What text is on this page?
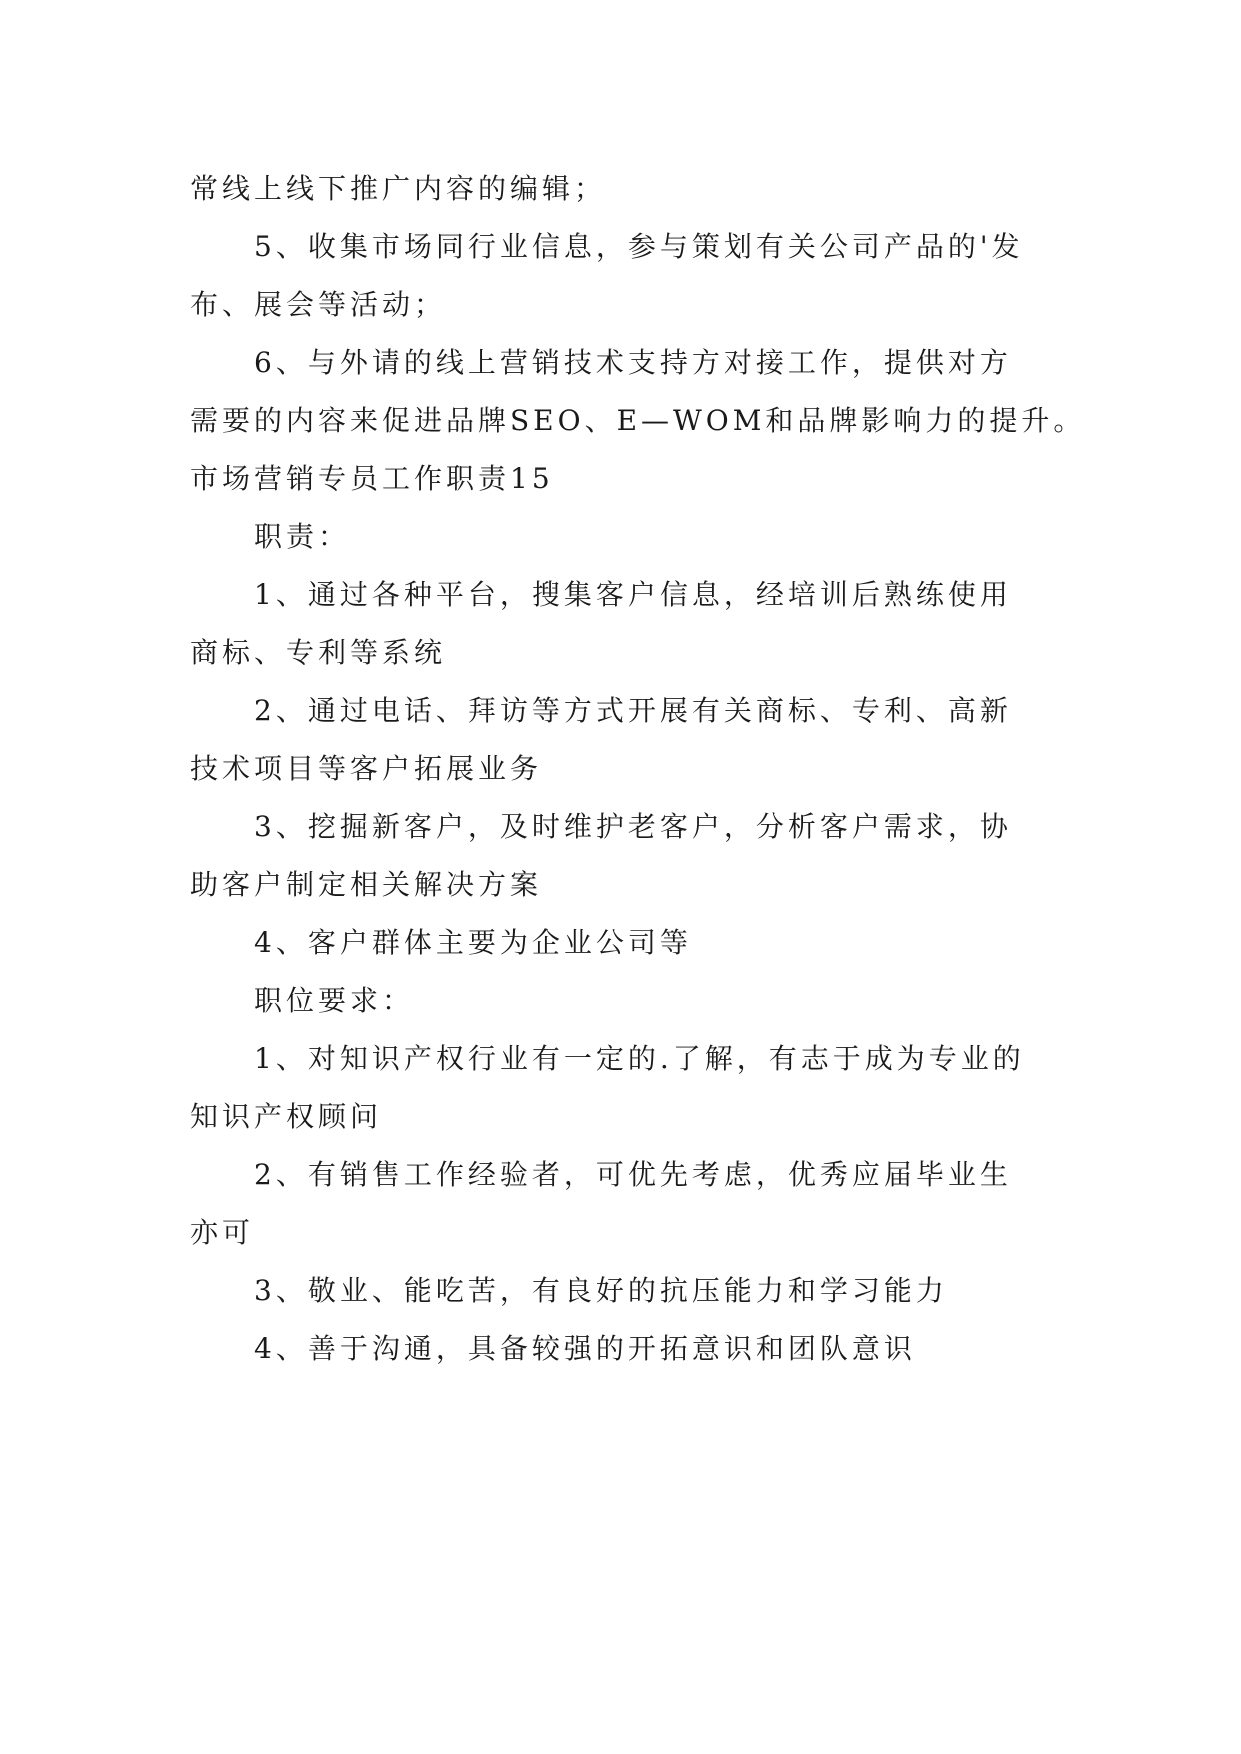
常线上线下推广内容的编辑；
5、收集市场同行业信息，参与策划有关公司产品的'发
布、展会等活动；
6、与外请的线上营销技术支持方对接工作，提供对方
需要的内容来促进品牌SEO、E—WOM和品牌影响力的提升。
市场营销专员工作职责15
职责：
1、通过各种平台，搜集客户信息，经培训后熟练使用
商标、专利等系统
2、通过电话、拜访等方式开展有关商标、专利、高新
技术项目等客户拓展业务
3、挖掘新客户，及时维护老客户，分析客户需求，协
助客户制定相关解决方案
4、客户群体主要为企业公司等
职位要求：
1、对知识产权行业有一定的.了解，有志于成为专业的
知识产权顾问
2、有销售工作经验者，可优先考虑，优秀应届毕业生
亦可
3、敬业、能吃苦，有良好的抗压能力和学习能力
4、善于沟通，具备较强的开拓意识和团队意识
